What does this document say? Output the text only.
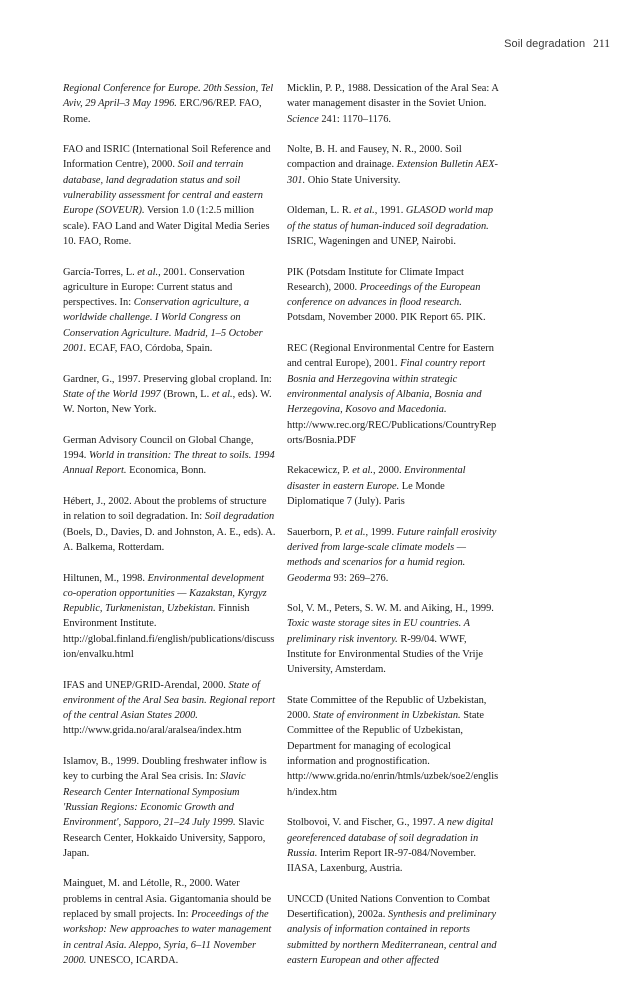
Soil degradation 211

Regional Conference for Europe. 20th Session, Tel Aviv, 29 April–3 May 1996. ERC/96/REP. FAO, Rome.

FAO and ISRIC (International Soil Reference and Information Centre), 2000. Soil and terrain database, land degradation status and soil vulnerability assessment for central and eastern Europe (SOVEUR). Version 1.0 (1:2.5 million scale). FAO Land and Water Digital Media Series 10. FAO, Rome.

García-Torres, L. et al., 2001. Conservation agriculture in Europe: Current status and perspectives. In: Conservation agriculture, a worldwide challenge. I World Congress on Conservation Agriculture. Madrid, 1–5 October 2001. ECAF, FAO, Córdoba, Spain.

Gardner, G., 1997. Preserving global cropland. In: State of the World 1997 (Brown, L. et al., eds). W. W. Norton, New York.

German Advisory Council on Global Change, 1994. World in transition: The threat to soils. 1994 Annual Report. Economica, Bonn.

Hébert, J., 2002. About the problems of structure in relation to soil degradation. In: Soil degradation (Boels, D., Davies, D. and Johnston, A. E., eds). A. A. Balkema, Rotterdam.

Hiltunen, M., 1998. Environmental development co-operation opportunities — Kazakstan, Kyrgyz Republic, Turkmenistan, Uzbekistan. Finnish Environment Institute. http://global.finland.fi/english/publications/discussion/envalku.html

IFAS and UNEP/GRID-Arendal, 2000. State of environment of the Aral Sea basin. Regional report of the central Asian States 2000. http://www.grida.no/aral/aralsea/index.htm

Islamov, B., 1999. Doubling freshwater inflow is key to curbing the Aral Sea crisis. In: Slavic Research Center International Symposium 'Russian Regions: Economic Growth and Environment', Sapporo, 21–24 July 1999. Slavic Research Center, Hokkaido University, Sapporo, Japan.

Mainguet, M. and Létolle, R., 2000. Water problems in central Asia. Gigantomania should be replaced by small projects. In: Proceedings of the workshop: New approaches to water management in central Asia. Aleppo, Syria, 6–11 November 2000. UNESCO, ICARDA.

Micklin, P. P., 1988. Dessication of the Aral Sea: A water management disaster in the Soviet Union. Science 241: 1170–1176.

Nolte, B. H. and Fausey, N. R., 2000. Soil compaction and drainage. Extension Bulletin AEX-301. Ohio State University.

Oldeman, L. R. et al., 1991. GLASOD world map of the status of human-induced soil degradation. ISRIC, Wageningen and UNEP, Nairobi.

PIK (Potsdam Institute for Climate Impact Research), 2000. Proceedings of the European conference on advances in flood research. Potsdam, November 2000. PIK Report 65. PIK.

REC (Regional Environmental Centre for Eastern and central Europe), 2001. Final country report Bosnia and Herzegovina within strategic environmental analysis of Albania, Bosnia and Herzegovina, Kosovo and Macedonia. http://www.rec.org/REC/Publications/CountryReports/Bosnia.PDF

Rekacewicz, P. et al., 2000. Environmental disaster in eastern Europe. Le Monde Diplomatique 7 (July). Paris

Sauerborn, P. et al., 1999. Future rainfall erosivity derived from large-scale climate models — methods and scenarios for a humid region. Geoderma 93: 269–276.

Sol, V. M., Peters, S. W. M. and Aiking, H., 1999. Toxic waste storage sites in EU countries. A preliminary risk inventory. R-99/04. WWF, Institute for Environmental Studies of the Vrije University, Amsterdam.

State Committee of the Republic of Uzbekistan, 2000. State of environment in Uzbekistan. State Committee of the Republic of Uzbekistan, Department for managing of ecological information and prognostification. http://www.grida.no/enrin/htmls/uzbek/soe2/english/index.htm

Stolbovoi, V. and Fischer, G., 1997. A new digital georeferenced database of soil degradation in Russia. Interim Report IR-97-084/November. IIASA, Laxenburg, Austria.

UNCCD (United Nations Convention to Combat Desertification), 2002a. Synthesis and preliminary analysis of information contained in reports submitted by northern Mediterranean, central and eastern European and other affected
